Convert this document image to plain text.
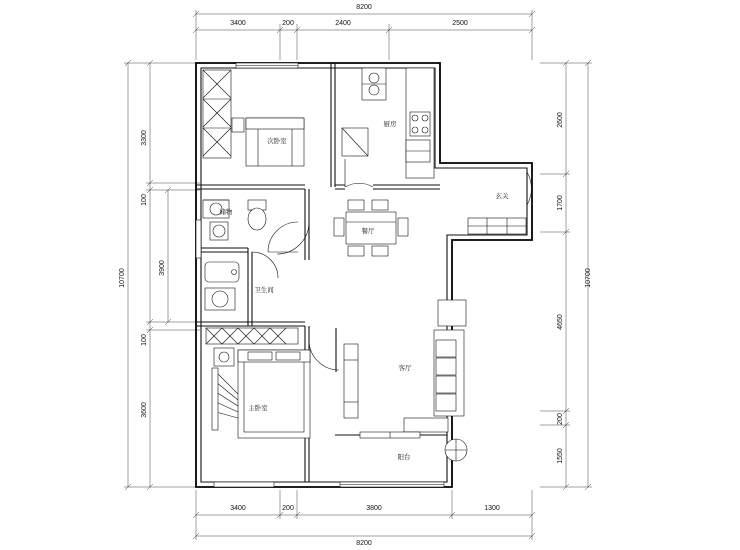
次卧室
厨房
玄关
餐厅
卫生间
储物
主卧室
客厅
阳台
8200
3400	200	2400	2500
8200
3400	200	3800	1300
10700
3300
100
3900
100
3600
10700
2600
1700
4650
200
1550
